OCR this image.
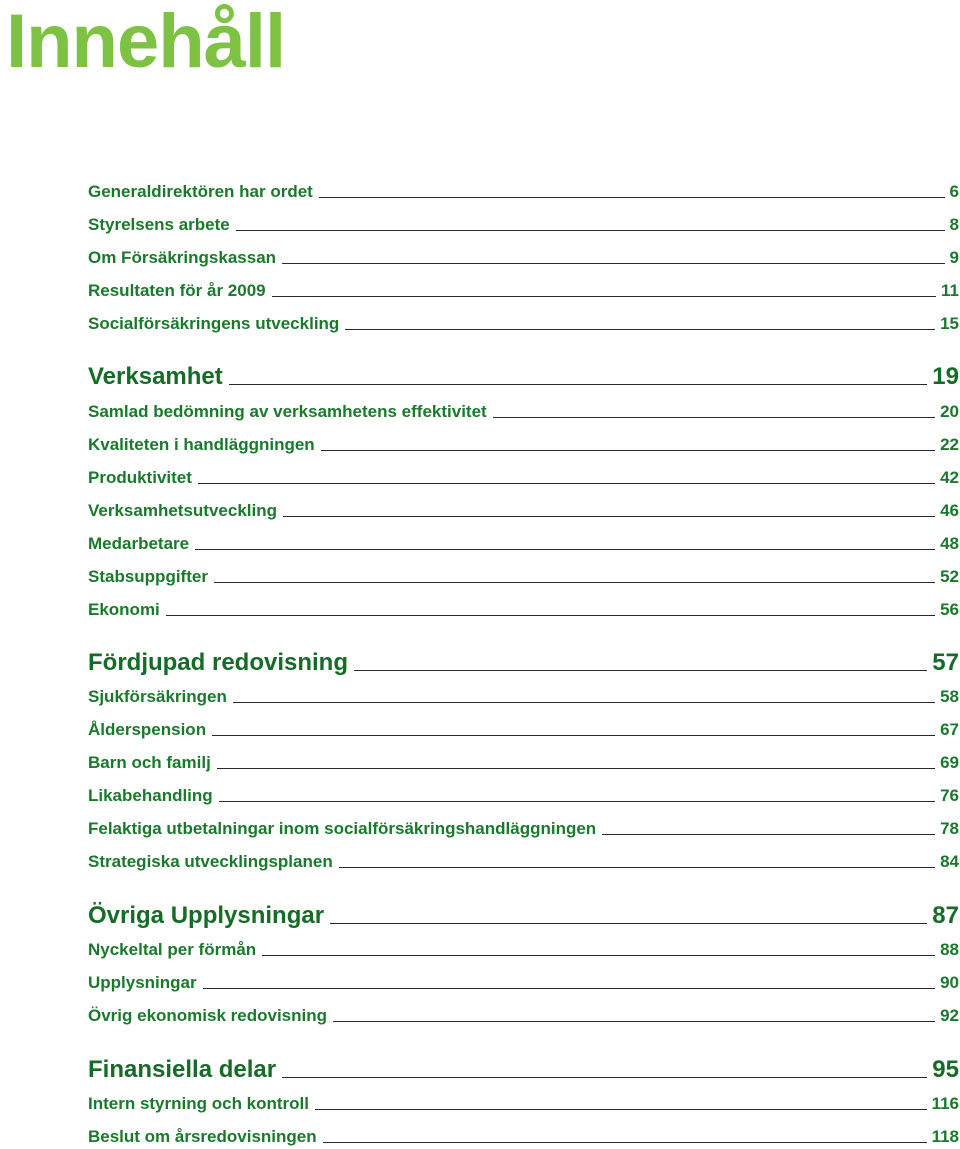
Innehåll
Generaldirektören har ordet	6
Styrelsens arbete	8
Om Försäkringskassan	9
Resultaten för år 2009	11
Socialförsäkringens utveckling	15
Verksamhet	19
Samlad bedömning av verksamhetens effektivitet	20
Kvaliteten i handläggningen	22
Produktivitet	42
Verksamhetsutveckling	46
Medarbetare	48
Stabsuppgifter	52
Ekonomi	56
Fördjupad redovisning	57
Sjukförsäkringen	58
Ålderspension	67
Barn och familj	69
Likabehandling	76
Felaktiga utbetalningar inom socialförsäkringshandläggningen	78
Strategiska utvecklingsplanen	84
Övriga Upplysningar	87
Nyckeltal per förmån	88
Upplysningar	90
Övrig ekonomisk redovisning	92
Finansiella delar	95
Intern styrning och kontroll	116
Beslut om årsredovisningen	118
